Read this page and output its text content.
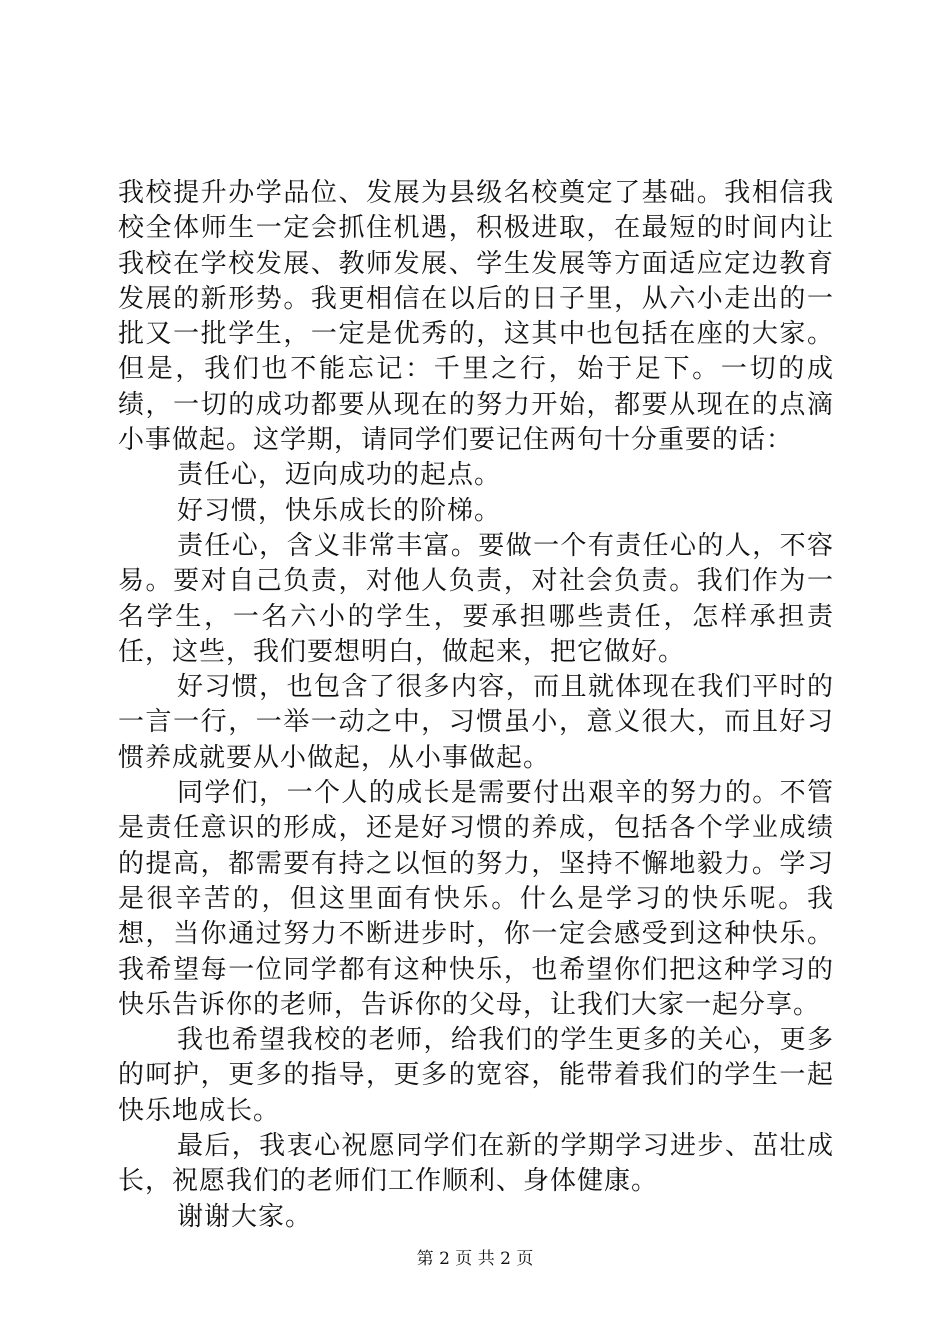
我校提升办学品位、发展为县级名校奠定了基础。我相信我校全体师生一定会抓住机遇，积极进取，在最短的时间内让我校在学校发展、教师发展、学生发展等方面适应定边教育发展的新形势。我更相信在以后的日子里，从六小走出的一批又一批学生，一定是优秀的，这其中也包括在座的大家。但是，我们也不能忘记：千里之行，始于足下。一切的成绩，一切的成功都要从现在的努力开始，都要从现在的点滴小事做起。这学期，请同学们要记住两句十分重要的话：

责任心，迈向成功的起点。

好习惯，快乐成长的阶梯。

责任心，含义非常丰富。要做一个有责任心的人，不容易。要对自己负责，对他人负责，对社会负责。我们作为一名学生，一名六小的学生，要承担哪些责任，怎样承担责任，这些，我们要想明白，做起来，把它做好。

好习惯，也包含了很多内容，而且就体现在我们平时的一言一行，一举一动之中，习惯虽小，意义很大，而且好习惯养成就要从小做起，从小事做起。

同学们，一个人的成长是需要付出艰辛的努力的。不管是责任意识的形成，还是好习惯的养成，包括各个学业成绩的提高，都需要有持之以恒的努力，坚持不懈地毅力。学习是很辛苦的，但这里面有快乐。什么是学习的快乐呢。我想，当你通过努力不断进步时，你一定会感受到这种快乐。我希望每一位同学都有这种快乐，也希望你们把这种学习的快乐告诉你的老师，告诉你的父母，让我们大家一起分享。

我也希望我校的老师，给我们的学生更多的关心，更多的呵护，更多的指导，更多的宽容，能带着我们的学生一起快乐地成长。

最后，我衷心祝愿同学们在新的学期学习进步、茁壮成长，祝愿我们的老师们工作顺利、身体健康。

谢谢大家。

第 2 页 共 2 页
